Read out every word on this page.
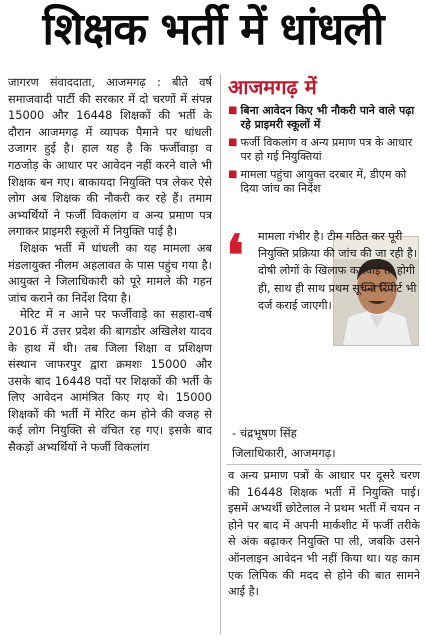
शिक्षक भर्ती में धांधली

जागरण संवाददाता, आजमगढ़ : बीते वर्ष समाजवादी पार्टी की सरकार में दो चरणों में संपन्न 15000 और 16448 शिक्षकों की भर्ती के दौरान आजमगढ़ में व्यापक पैमाने पर धांधली उजागर हुई है। हाल यह है कि फर्जीवाड़ा व गठजोड़ के आधार पर आवेदन नहीं करने वाले भी शिक्षक बन गए। बाकायदा नियुक्ति पत्र लेकर ऐसे लोग अब शिक्षक की नौकरी कर रहे हैं। तमाम अभ्यर्थियों ने फर्जी विकलांग व अन्य प्रमाण पत्र लगाकर प्राइमरी स्कूलों में नियुक्ति पाई है।

शिक्षक भर्ती में धांधली का यह मामला अब मंडलायुक्त नीलम अहलावत के पास पहुंच गया है। आयुक्त ने जिलाधिकारी को पूरे मामले की गहन जांच कराने का निर्देश दिया है।

मेरिट में न आने पर फर्जीवाड़े का सहारा-वर्ष 2016 में उत्तर प्रदेश की बागडोर अखिलेश यादव के हाथ में थी। तब जिला शिक्षा व प्रशिक्षण संस्थान जाफरपुर द्वारा क्रमशः 15000 और उसके बाद 16448 पदों पर शिक्षकों की भर्ती के लिए आवेदन आमंत्रित किए गए थे। 15000 शिक्षकों की भर्ती में मेरिट कम होने की वजह से कई लोग नियुक्ति से वंचित रह गए। इसके बाद सैकड़ों अभ्यर्थियों ने फर्जी विकलांग

आजमगढ़ में
■ बिना आवेदन किए भी नौकरी पाने वाले पढ़ा रहे प्राइमरी स्कूलों में
■ फर्जी विकलांग व अन्य प्रमाण पत्र के आधार पर हो गई नियुक्तियां
■ मामला पहुंचा आयुक्त दरबार में, डीएम को दिया जांच का निर्देश
❛	मामला गंभीर है। टीम गठित कर पूरी नियुक्ति प्रक्रिया की जांच की जा रही है। दोषी लोगों के खिलाफ कार्रवाई तो होगी ही, साथ ही साथ प्रथम सूचना रिपोर्ट भी दर्ज कराई जाएगी।
- चंद्रभूषण सिंह
जिलाधिकारी, आजमगढ़।
व अन्य प्रमाण पत्रों के आधार पर दूसरे चरण की 16448 शिक्षक भर्ती में नियुक्ति पाई। इसमें अभ्यर्थी छोटेलाल ने प्रथम भर्ती में चयन न होने पर बाद में अपनी मार्कशीट में फर्जी तरीके से अंक बढ़ाकर नियुक्ति पा ली, जबकि उसने ऑनलाइन आवेदन भी नहीं किया था। यह काम एक लिपिक की मदद से होने की बात सामने आई है।
